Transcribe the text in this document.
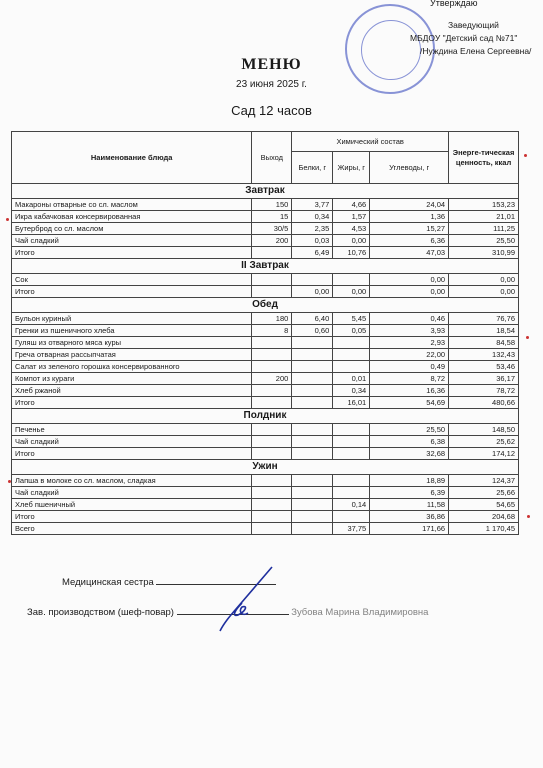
Утверждаю
Заведующий
МБДОУ "Детский сад №71"
/Нуждина Елена Сергеевна/
МЕНЮ
23 июня 2025 г.
Сад 12 часов
Наименование блюда	Выход	Химический состав			Энерге-тическая ценность, ккал
		Белки, г	Жиры, г	Углеводы, г	
Завтрак					
Макароны отварные со сл. маслом	150	3,77	4,66	24,04	153,23
Икра кабачковая консервированная	15	0,34	1,57	1,36	21,01
Бутерброд со сл. маслом	30/5	2,35	4,53	15,27	111,25
Чай сладкий	200	0,03	0,00	6,36	25,50
Итого		6,49	10,76	47,03	310,99
II Завтрак					
Сок				0,00	0,00
Итого		0,00	0,00	0,00	0,00
Обед					
Бульон куриный	180	6,40	5,45	0,46	76,76
Гренки из пшеничного хлеба	8	0,60	0,05	3,93	18,54
Гуляш из отварного мяса куры				2,93	84,58
Греча отварная рассыпчатая				22,00	132,43
Салат из зеленого горошка консервированного				0,49	53,46
Компот из кураги	200		0,01	8,72	36,17
Хлеб ржаной			0,34	16,36	78,72
Итого			16,01	54,69	480,66
Полдник					
Печенье				25,50	148,50
Чай сладкий				6,38	25,62
Итого				32,68	174,12
Ужин					
Лапша в молоке со сл. маслом, сладкая				18,89	124,37
Чай сладкий				6,39	25,66
Хлеб пшеничный			0,14	11,58	54,65
Итого				36,86	204,68
Всего			37,75	171,66	1 170,45
Медицинская сестра
Зав. производством (шеф-повар)	Зубова Марина Владимировна
